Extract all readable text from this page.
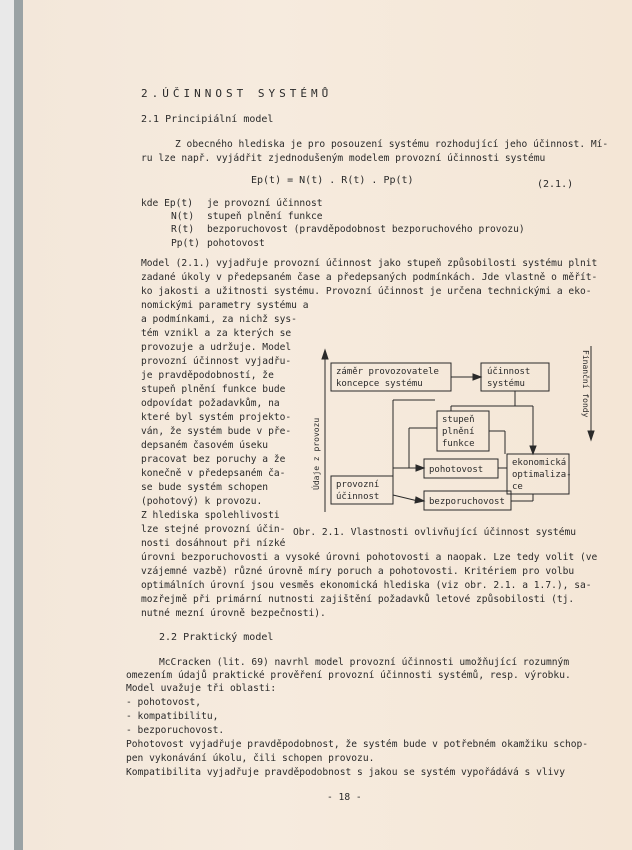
2.ÚČINNOST SYSTÉMŮ
2.1 Principiální model
Z obecného hlediska je pro posouzení systému rozhodující jeho účinnost. Mí-
ru lze např. vyjádřit zjednodušeným modelem provozní účinnosti systému
Ep(t) = N(t) . R(t) . Pp(t)	(2.1.)
kde Ep(t) je provozní účinnost
N(t) stupeň plnění funkce
R(t) bezporuchovost (pravděpodobnost bezporuchového provozu)
Pp(t) pohotovost
Model (2.1.) vyjadřuje provozní účinnost jako stupeň způsobilosti systému plnit
zadané úkoly v předepsaném čase a předepsaných podmínkách. Jde vlastně o měřít-
ko jakosti a užitnosti systému. Provozní účinnost je určena technickými a eko-
nomickými parametry systému a
a podmínkami, za nichž sys-
tém vznikl a za kterých se
provozuje a udržuje. Model
provozní účinnost vyjadřu-
je pravděpodobností, že
stupeň plnění funkce bude
odpovídat požadavkům, na
které byl systém projekto-
ván, že systém bude v pře-
depsaném časovém úseku
pracovat bez poruchy a že
konečně v předepsaném ča-
se bude systém schopen
(pohotový) k provozu.
Z hlediska spolehlivosti
lze stejné provozní účin-
nosti dosáhnout při nízké
záměr provozovatele
koncepce systému
účinnost
systému
stupeň
plnění
funkce
pohotovost
ekonomická
optimaliza-
ce
provozní
účinnost	bezporuchovost
Údaje z provozu
Finanční fondy
Obr. 2.1. Vlastnosti ovlivňující účinnost systému
úrovni bezporuchovosti a vysoké úrovni pohotovosti a naopak. Lze tedy volit (ve
vzájemné vazbě) různé úrovně míry poruch a pohotovosti. Kritériem pro volbu
optimálních úrovní jsou vesměs ekonomická hlediska (viz obr. 2.1. a 1.7.), sa-
mozřejmě při primární nutnosti zajištění požadavků letové způsobilosti (tj.
nutné mezní úrovně bezpečnosti).
2.2 Praktický model
McCracken (lit. 69) navrhl model provozní účinnosti umožňující rozumným
omezením údajů praktické prověření provozní účinnosti systémů, resp. výrobku.
Model uvažuje tři oblasti:
- pohotovost,
- kompatibilitu,
- bezporuchovost.
Pohotovost vyjadřuje pravděpodobnost, že systém bude v potřebném okamžiku schop-
pen vykonávání úkolu, čili schopen provozu.
Kompatibilita vyjadřuje pravděpodobnost s jakou se systém vypořádává s vlivy
- 18 -
